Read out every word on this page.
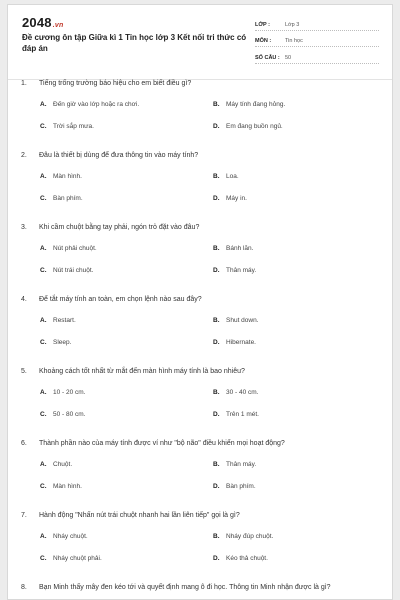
2048.vn
Đề cương ôn tập Giữa kì 1 Tin học lớp 3 Kết nối tri thức có đáp án
LỚP :	Lớp 3
MÔN :	Tin học
SỐ CÂU : 50
1. Tiếng trống trường báo hiệu cho em biết điều gì?
A. Đến giờ vào lớp hoặc ra chơi.	B. Máy tính đang hỏng.
C. Trời sắp mưa.	D. Em đang buồn ngủ.
2. Đâu là thiết bị dùng để đưa thông tin vào máy tính?
A. Màn hình.	B. Loa.
C. Bàn phím.	D. Máy in.
3. Khi cầm chuột bằng tay phải, ngón trỏ đặt vào đâu?
A. Nút phải chuột.	B. Bánh lăn.
C. Nút trái chuột.	D. Thân máy.
4. Để tắt máy tính an toàn, em chọn lệnh nào sau đây?
A. Restart.	B. Shut down.
C. Sleep.	D. Hibernate.
5. Khoảng cách tốt nhất từ mắt đến màn hình máy tính là bao nhiêu?
A. 10 - 20 cm.	B. 30 - 40 cm.
C. 50 - 80 cm.	D. Trên 1 mét.
6. Thành phần nào của máy tính được ví như "bộ não" điều khiển mọi hoạt động?
A. Chuột.	B. Thân máy.
C. Màn hình.	D. Bàn phím.
7. Hành động "Nhấn nút trái chuột nhanh hai lần liên tiếp" gọi là gì?
A. Nháy chuột.	B. Nháy đúp chuột.
C. Nháy chuột phải.	D. Kéo thả chuột.
8. Bạn Minh thấy mây đen kéo tới và quyết định mang ô đi học. Thông tin Minh nhận được là gì?
